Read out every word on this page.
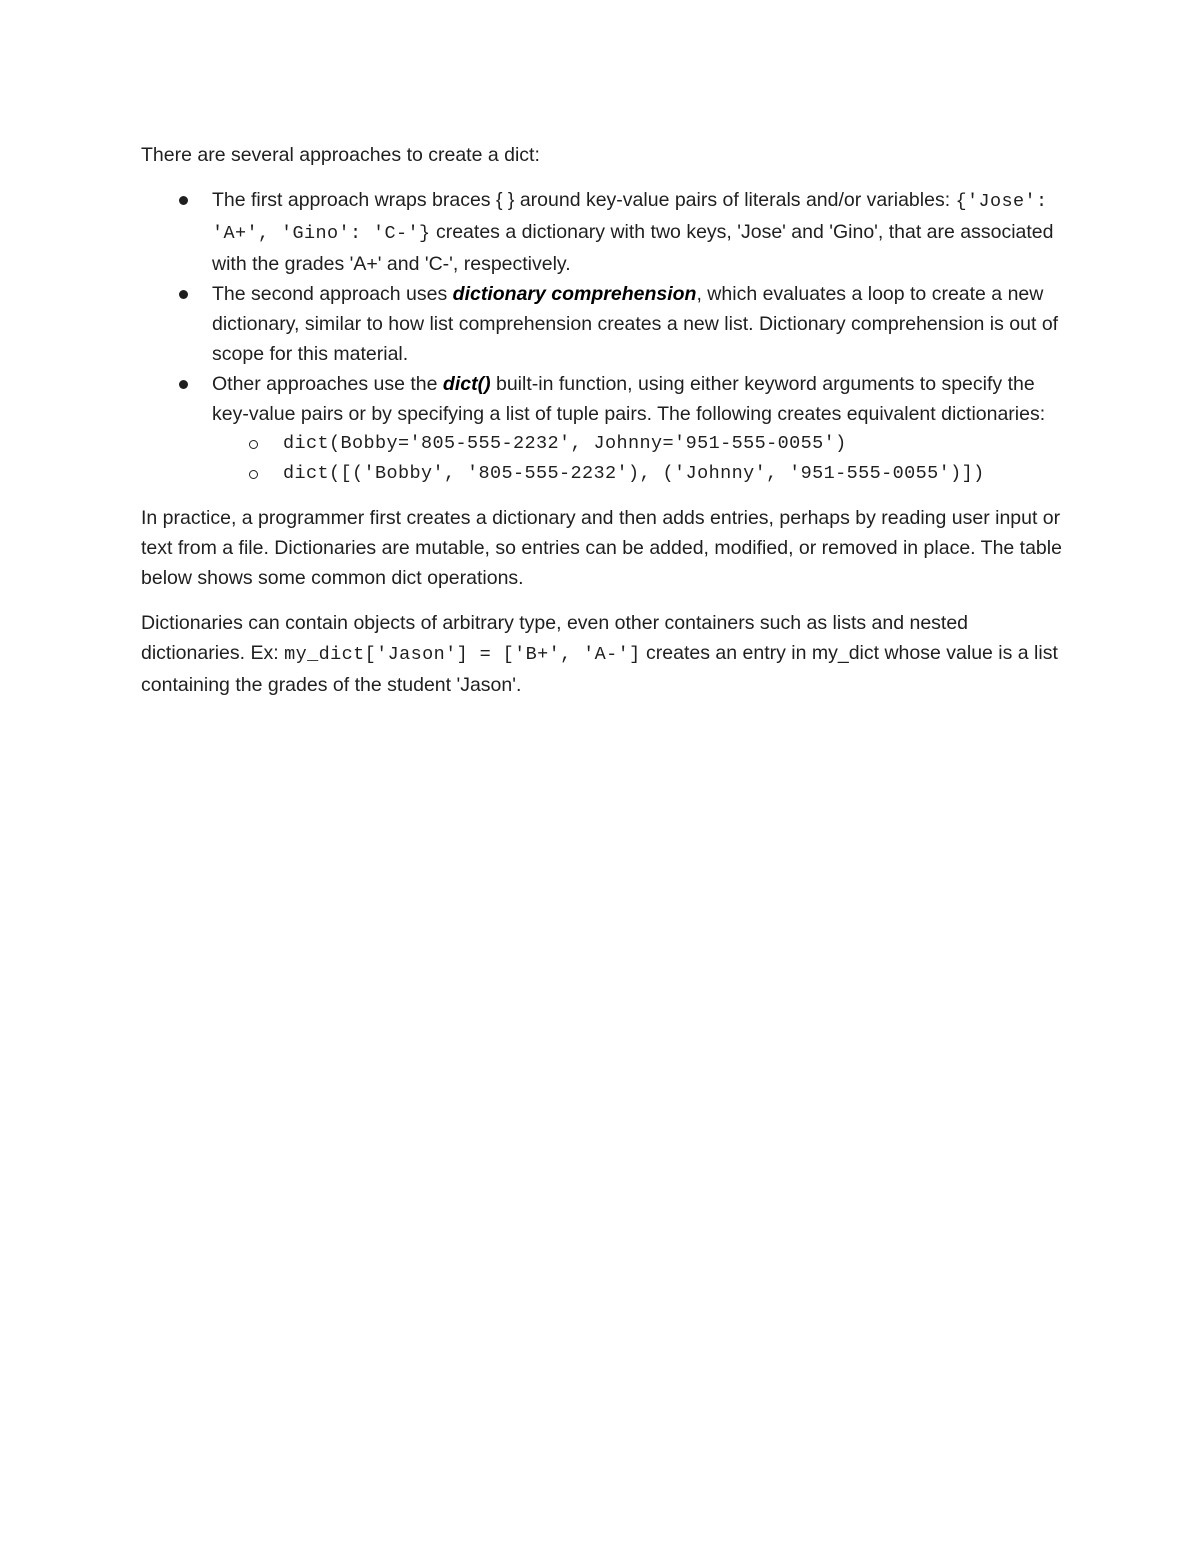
There are several approaches to create a dict:

The first approach wraps braces { } around key-value pairs of literals and/or variables: {'Jose': 'A+', 'Gino': 'C-'} creates a dictionary with two keys, 'Jose' and 'Gino', that are associated with the grades 'A+' and 'C-', respectively.
The second approach uses dictionary comprehension, which evaluates a loop to create a new dictionary, similar to how list comprehension creates a new list. Dictionary comprehension is out of scope for this material.
Other approaches use the dict() built-in function, using either keyword arguments to specify the key-value pairs or by specifying a list of tuple pairs. The following creates equivalent dictionaries:
dict(Bobby='805-555-2232', Johnny='951-555-0055')
dict([('Bobby', '805-555-2232'), ('Johnny', '951-555-0055')])

In practice, a programmer first creates a dictionary and then adds entries, perhaps by reading user input or text from a file. Dictionaries are mutable, so entries can be added, modified, or removed in place. The table below shows some common dict operations.

Dictionaries can contain objects of arbitrary type, even other containers such as lists and nested dictionaries. Ex: my_dict['Jason'] = ['B+', 'A-'] creates an entry in my_dict whose value is a list containing the grades of the student 'Jason'.
